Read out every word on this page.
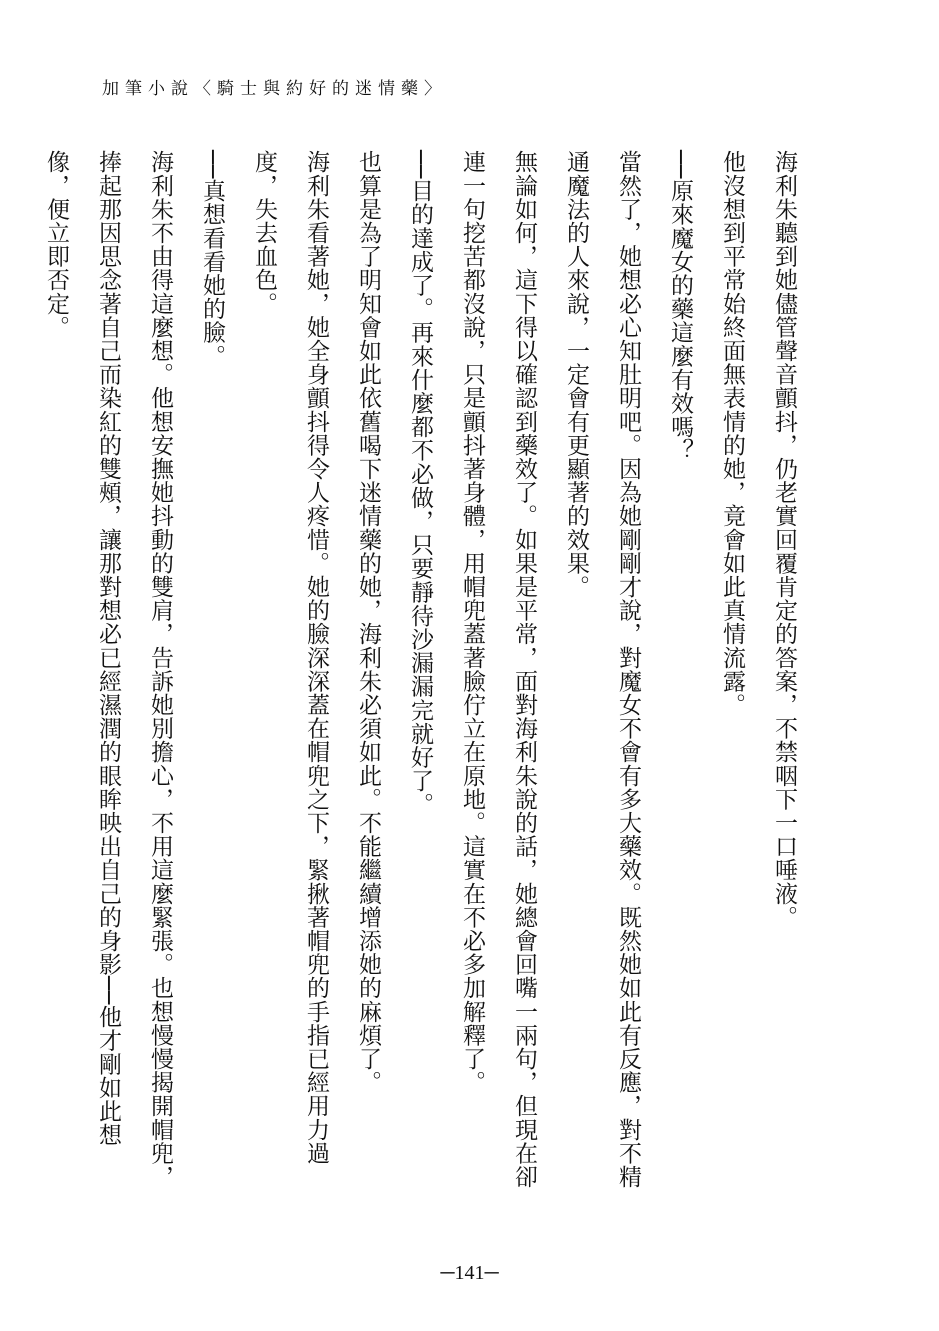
加筆小說〈騎士與約好的迷情藥〉

海利朱聽到她儘管聲音顫抖，仍老實回覆肯定的答案，不禁咽下一口唾液。

他沒想到平常始終面無表情的她，竟會如此真情流露。

──原來魔女的藥這麼有效嗎？

當然了，她想必心知肚明吧。因為她剛剛才說，對魔女不會有多大藥效。既然她如此有反應，對不精通魔法的人來說，一定會有更顯著的效果。

無論如何，這下得以確認到藥效了。如果是平常，面對海利朱說的話，她總會回嘴一兩句，但現在卻連一句挖苦都沒說，只是顫抖著身體，用帽兜蓋著臉佇立在原地。這實在不必多加解釋了。

──目的達成了。再來什麼都不必做，只要靜待沙漏漏完就好了。

也算是為了明知會如此依舊喝下迷情藥的她，海利朱必須如此。不能繼續增添她的麻煩了。

海利朱看著她，她全身顫抖得令人疼惜。她的臉深深蓋在帽兜之下，緊揪著帽兜的手指已經用力過度，失去血色。

──真想看看她的臉。

海利朱不由得這麼想。他想安撫她抖動的雙肩，告訴她別擔心，不用這麼緊張。也想慢慢揭開帽兜，捧起那因思念著自己而染紅的雙頰，讓那對想必已經濕潤的眼眸映出自己的身影──他才剛如此想像，便立即否定。

─141─
